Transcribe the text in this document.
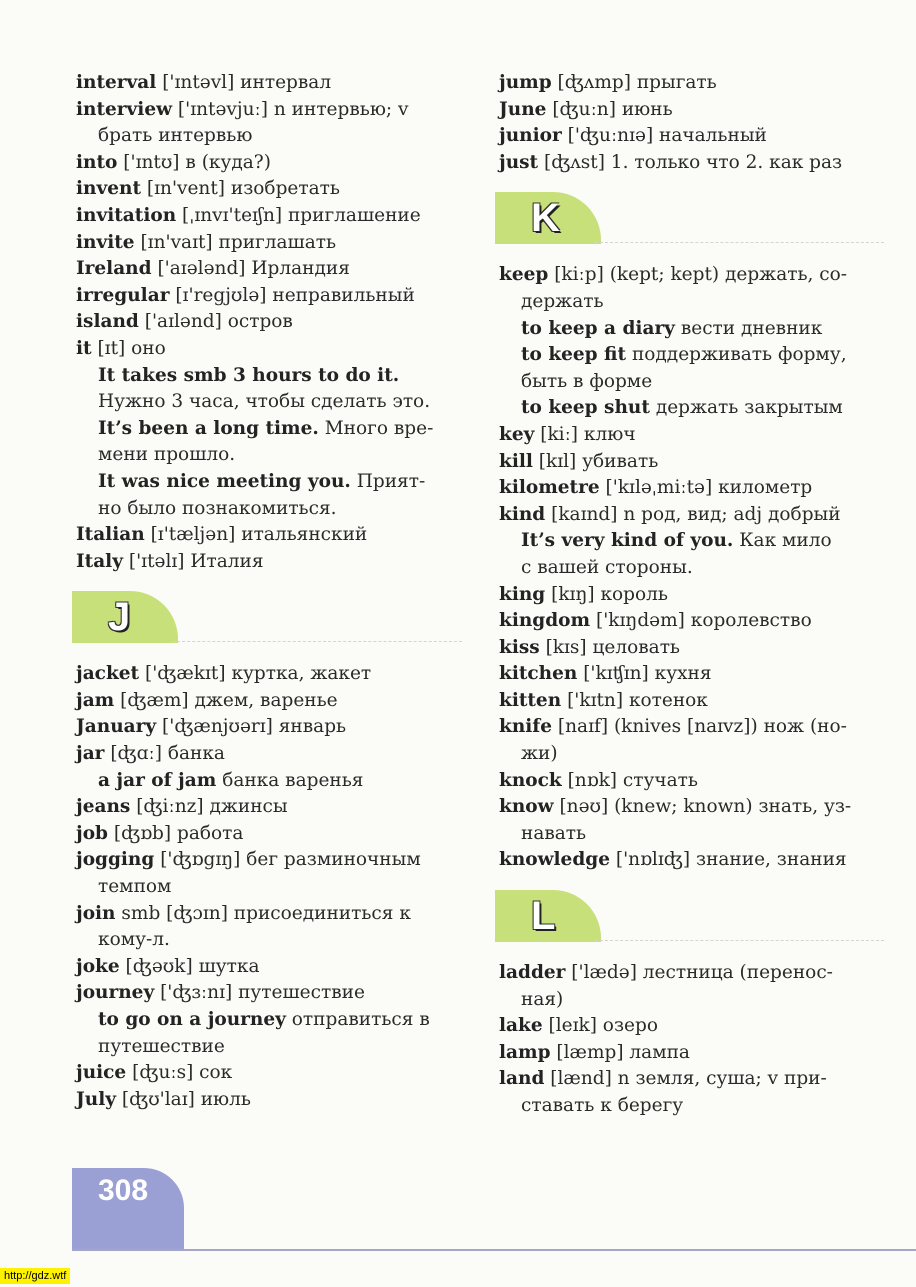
interval ['ɪntəvl] интервал
interview ['ɪntəvjuː] n интервью; v
брать интервью
into ['ɪntʊ] в (куда?)
invent [ɪn'vent] изобретать
invitation [ˌɪnvɪ'teɪʃn] приглашение
invite [ɪn'vaɪt] приглашать
Ireland ['aɪələnd] Ирландия
irregular [ɪ'regjʊlə] неправильный
island ['aɪlənd] остров
it [ɪt] оно
It takes smb 3 hours to do it.
Нужно 3 часа, чтобы сделать это.
It’s been a long time. Много вре-
мени прошло.
It was nice meeting you. Прият-
но было познакомиться.
Italian [ɪ'tæljən] итальянский
Italy ['ɪtəlɪ] Италия
J
jacket ['ʤækɪt] куртка, жакет
jam [ʤæm] джем, варенье
January ['ʤænjʊərɪ] январь
jar [ʤɑː] банка
a jar of jam банка варенья
jeans [ʤiːnz] джинсы
job [ʤɒb] работа
jogging ['ʤɒgɪŋ] бег разминочным
темпом
join smb [ʤɔɪn] присоединиться к
кому-л.
joke [ʤəʊk] шутка
journey ['ʤɜːnɪ] путешествие
to go on a journey отправиться в
путешествие
juice [ʤuːs] сок
July [ʤʊ'laɪ] июль
jump [ʤʌmp] прыгать
June [ʤuːn] июнь
junior ['ʤuːnɪə] начальный
just [ʤʌst] 1. только что 2. как раз
K
keep [kiːp] (kept; kept) держать, со-
держать
to keep a diary вести дневник
to keep fit поддерживать форму,
быть в форме
to keep shut держать закрытым
key [kiː] ключ
kill [kɪl] убивать
kilometre ['kɪləˌmiːtə] километр
kind [kaɪnd] n род, вид; adj добрый
It’s very kind of you. Как мило
с вашей стороны.
king [kɪŋ] король
kingdom ['kɪŋdəm] королевство
kiss [kɪs] целовать
kitchen ['kɪʧɪn] кухня
kitten ['kɪtn] котенок
knife [naɪf] (knives [naɪvz]) нож (но-
жи)
knock [nɒk] стучать
know [nəʊ] (knew; known) знать, уз-
навать
knowledge ['nɒlɪʤ] знание, знания
L
ladder ['lædə] лестница (перенос-
ная)
lake [leɪk] озеро
lamp [læmp] лампа
land [lænd] n земля, суша; v при-
ставать к берегу
308
http://gdz.wtf
